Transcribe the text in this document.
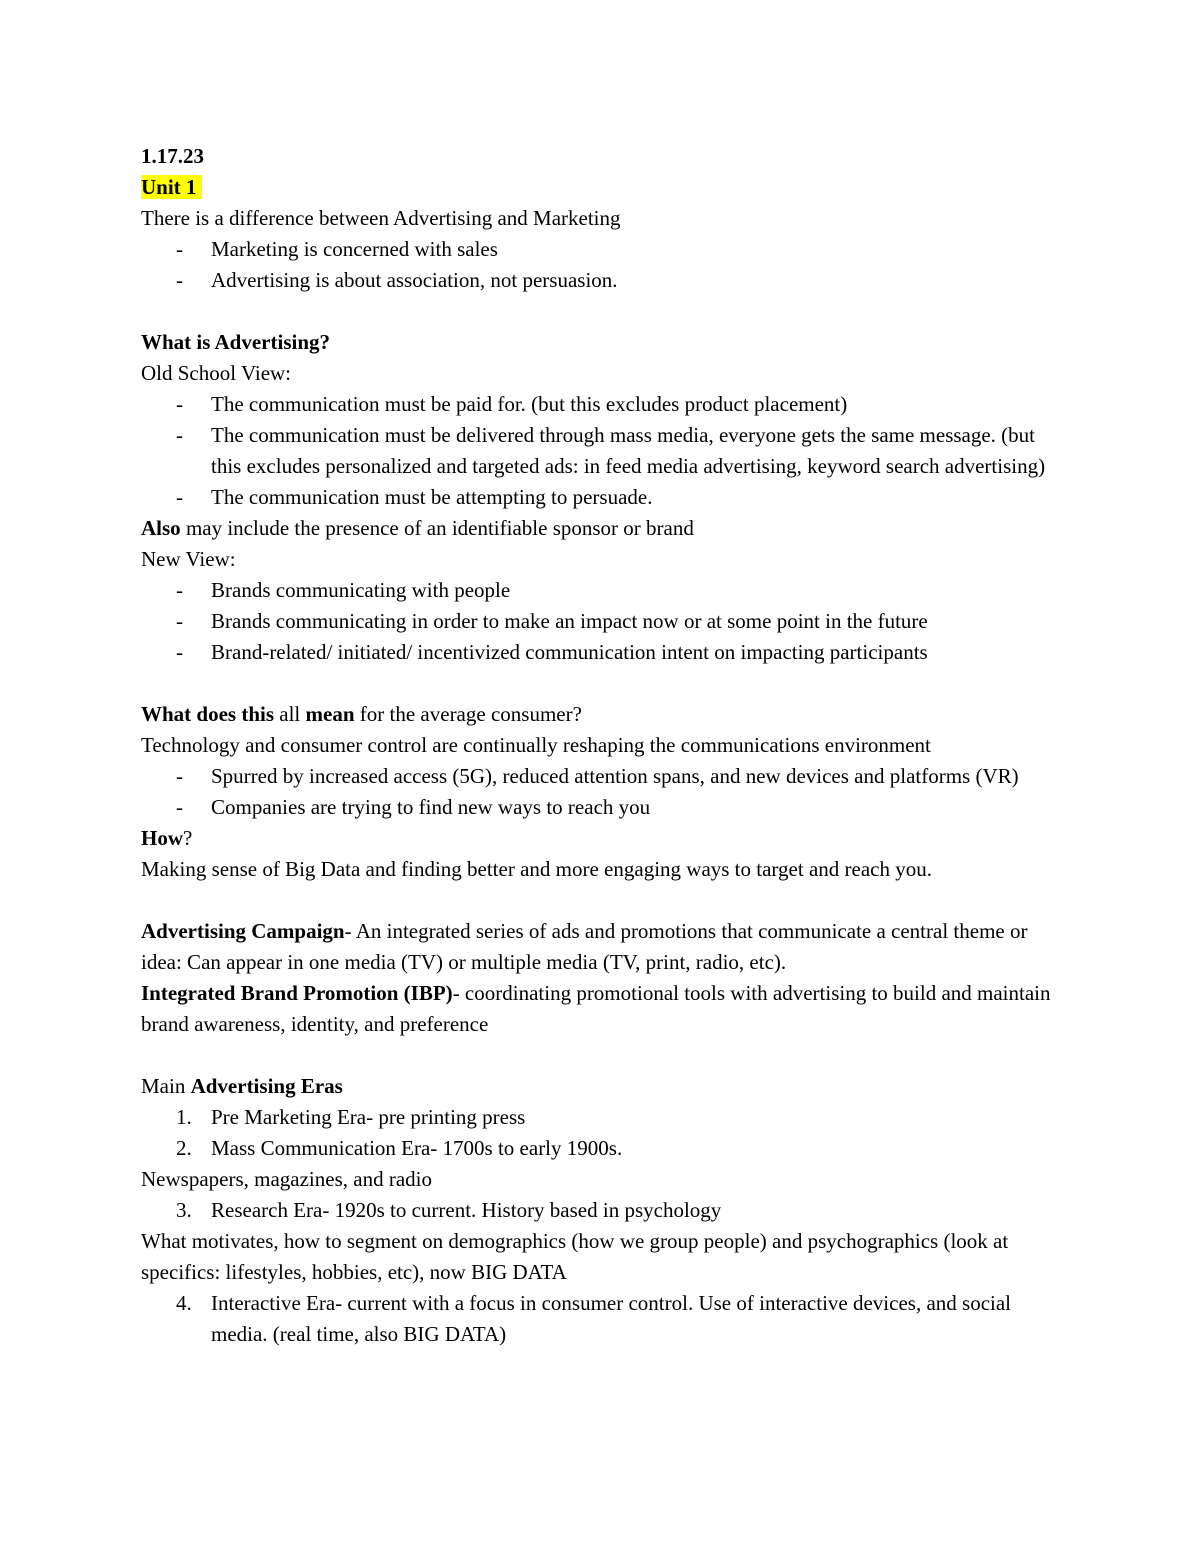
1.17.23

Unit 1

There is a difference between Advertising and Marketing

- Marketing is concerned with sales
- Advertising is about association, not persuasion.

What is Advertising?

Old School View:

- The communication must be paid for. (but this excludes product placement)
- The communication must be delivered through mass media, everyone gets the same message. (but this excludes personalized and targeted ads: in feed media advertising, keyword search advertising)
- The communication must be attempting to persuade.

Also may include the presence of an identifiable sponsor or brand

New View:

- Brands communicating with people
- Brands communicating in order to make an impact now or at some point in the future
- Brand-related/ initiated/ incentivized communication intent on impacting participants

What does this all mean for the average consumer?

Technology and consumer control are continually reshaping the communications environment

- Spurred by increased access (5G), reduced attention spans, and new devices and platforms (VR)
- Companies are trying to find new ways to reach you

How?

Making sense of Big Data and finding better and more engaging ways to target and reach you.

Advertising Campaign- An integrated series of ads and promotions that communicate a central theme or idea: Can appear in one media (TV) or multiple media (TV, print, radio, etc).

Integrated Brand Promotion (IBP)- coordinating promotional tools with advertising to build and maintain brand awareness, identity, and preference

Main Advertising Eras

1. Pre Marketing Era- pre printing press
2. Mass Communication Era- 1700s to early 1900s.

Newspapers, magazines, and radio

3. Research Era- 1920s to current. History based in psychology

What motivates, how to segment on demographics (how we group people) and psychographics (look at specifics: lifestyles, hobbies, etc), now BIG DATA

4. Interactive Era- current with a focus in consumer control. Use of interactive devices, and social media. (real time, also BIG DATA)
